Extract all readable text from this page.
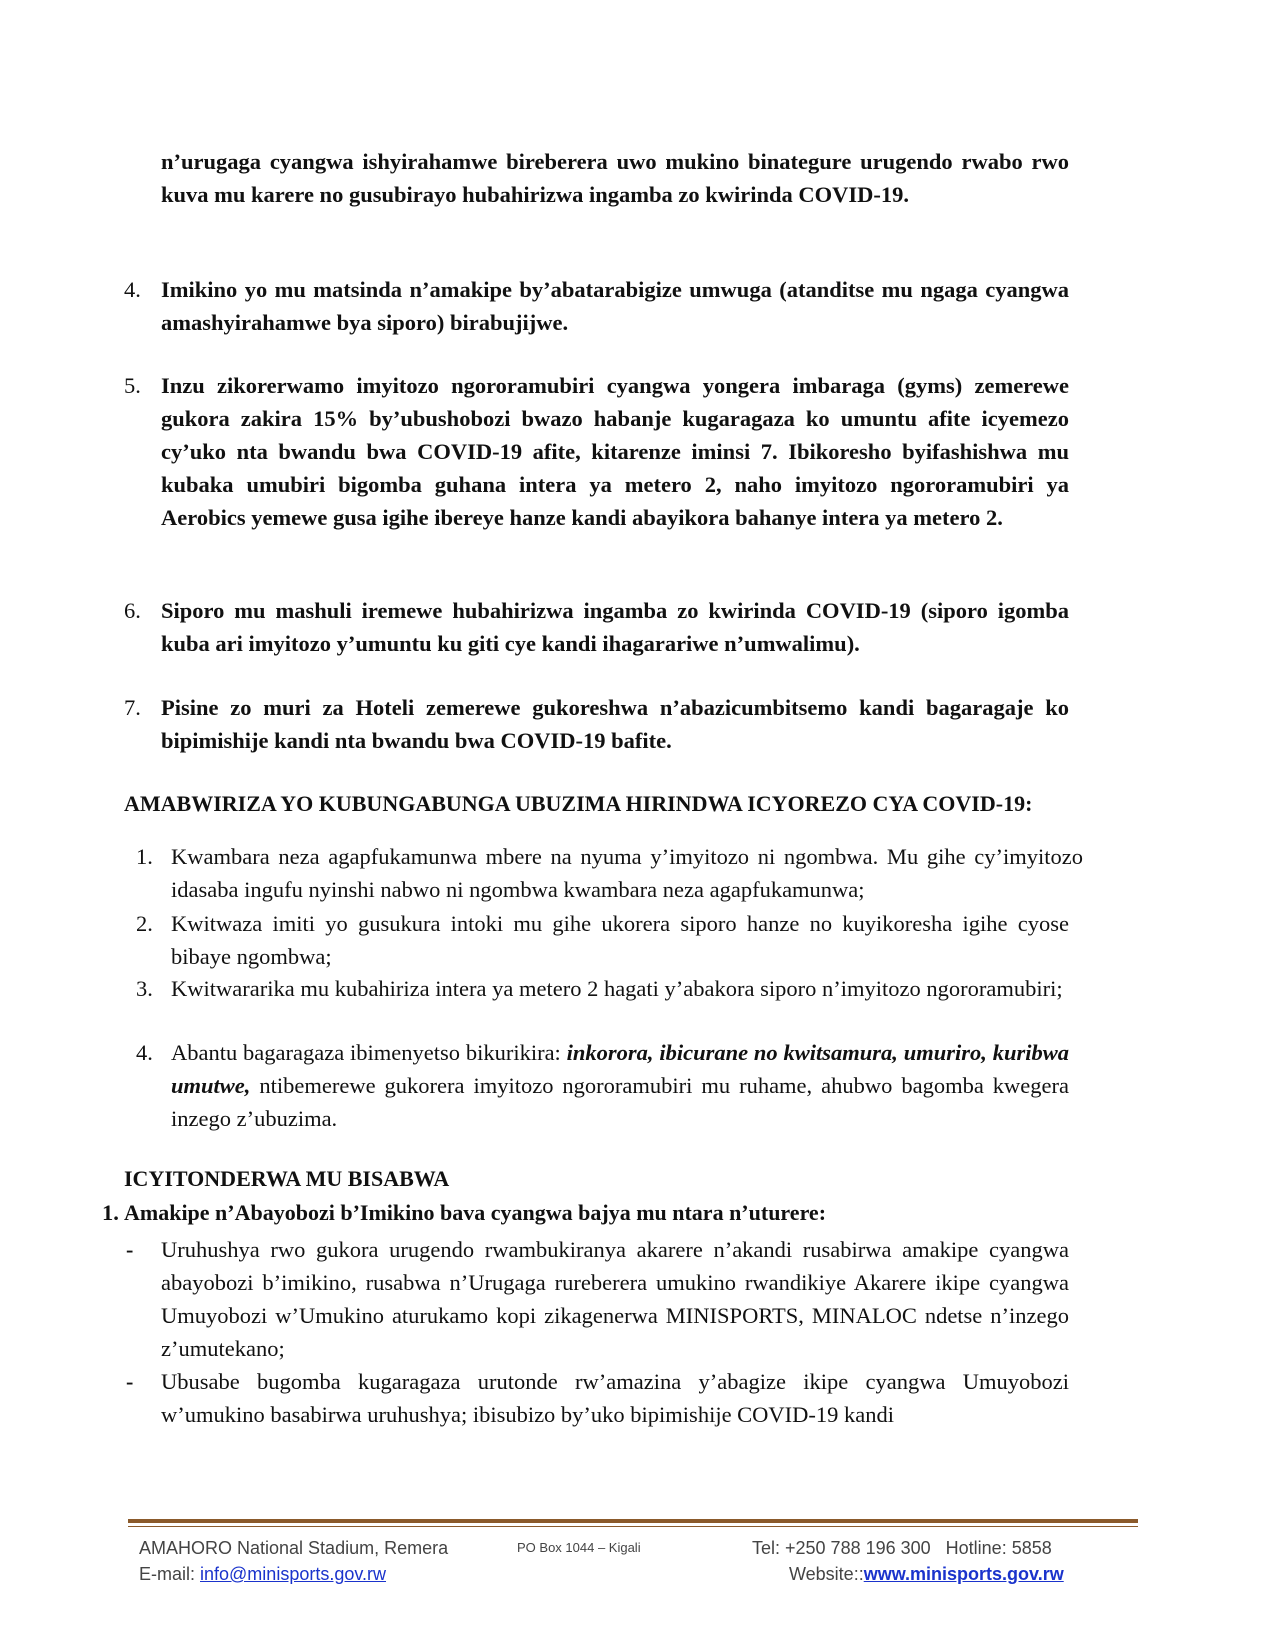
n’urugaga cyangwa ishyirahamwe bireberera uwo mukino binategure urugendo rwabo rwo kuva mu karere no gusubirayo hubahirizwa ingamba zo kwirinda COVID-19.
4. Imikino yo mu matsinda n’amakipe by’abatarabigize umwuga (atanditse mu ngaga cyangwa amashyirahamwe bya siporo) birabujijwe.
5. Inzu zikorerwamo imyitozo ngororamubiri cyangwa yongera imbaraga (gyms) zemerewe gukora zakira 15% by’ubushobozi bwazo habanje kugaragaza ko umuntu afite icyemezo cy’uko nta bwandu bwa COVID-19 afite, kitarenze iminsi 7. Ibikoresho byifashishwa mu kubaka umubiri bigomba guhana intera ya metero 2, naho imyitozo ngororamubiri ya Aerobics yemewe gusa igihe ibereye hanze kandi abayikora bahanye intera ya metero 2.
6. Siporo mu mashuli iremewe hubahirizwa ingamba zo kwirinda COVID-19 (siporo igomba kuba ari imyitozo y’umuntu ku giti cye kandi ihagarariwe n’umwalimu).
7. Pisine zo muri za Hoteli zemerewe gukoreshwa n’abazicumbitsemo kandi bagaragaje ko bipimishije kandi nta bwandu bwa COVID-19 bafite.
AMABWIRIZA YO KUBUNGABUNGA UBUZIMA HIRINDWA ICYOREZO CYA COVID-19:
1. Kwambara neza agapfukamunwa mbere na nyuma y’imyitozo ni ngombwa. Mu gihe cy’imyitozo idasaba ingufu nyinshi nabwo ni ngombwa kwambara neza agapfukamunwa;
2. Kwitwaza imiti yo gusukura intoki mu gihe ukorera siporo hanze no kuyikoresha igihe cyose bibaye ngombwa;
3. Kwitwararika mu kubahiriza intera ya metero 2 hagati y’abakora siporo n’imyitozo ngororamubiri;
4. Abantu bagaragaza ibimenyetso bikurikira: inkorora, ibicurane no kwitsamura, umuriro, kuribwa umutwe, ntibemerewe gukorera imyitozo ngororamubiri mu ruhame, ahubwo bagomba kwegera inzego z’ubuzima.
ICYITONDERWA MU BISABWA
1. Amakipe n’Abayobozi b’Imikino bava cyangwa bajya mu ntara n’uturere:
- Uruhushya rwo gukora urugendo rwambukiranya akarere n’akandi rusabirwa amakipe cyangwa abayobozi b’imikino, rusabwa n’Urugaga rureberera umukino rwandikiye Akarere ikipe cyangwa Umuyobozi w’Umukino aturukamo kopi zikagenerwa MINISPORTS, MINALOC ndetse n’inzego z’umutekano;
- Ubusabe bugomba kugaragaza urutonde rw’amazina y’abagize ikipe cyangwa Umuyobozi w’umukino basabirwa uruhushya; ibisubizo by’uko bipimishije COVID-19 kandi
AMAHORO National Stadium, Remera
E-mail: info@minisports.gov.rw
PO Box 1044 – Kigali	Tel: +250 788 196 300   Hotline: 5858
Website::www.minisports.gov.rw
